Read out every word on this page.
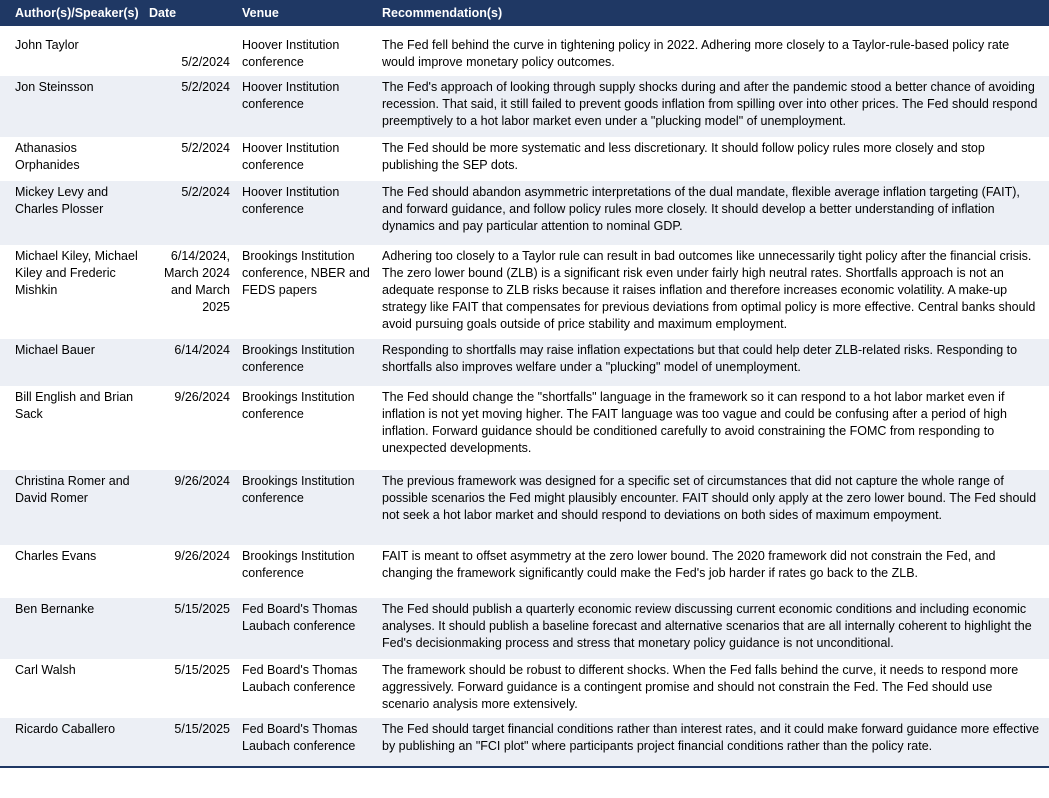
Author(s)/Speaker(s)	Date	Venue	Recommendation(s)
John Taylor	5/2/2024	Hoover Institution conference	The Fed fell behind the curve in tightening policy in 2022. Adhering more closely to a Taylor-rule-based policy rate would improve monetary policy outcomes.
Jon Steinsson	5/2/2024	Hoover Institution conference	The Fed's approach of looking through supply shocks during and after the pandemic stood a better chance of avoiding recession. That said, it still failed to prevent goods inflation from spilling over into other prices. The Fed should respond preemptively to a hot labor market even under a "plucking model" of unemployment.
Athanasios Orphanides	5/2/2024	Hoover Institution conference	The Fed should be more systematic and less discretionary. It should follow policy rules more closely and stop publishing the SEP dots.
Mickey Levy and Charles Plosser	5/2/2024	Hoover Institution conference	The Fed should abandon asymmetric interpretations of the dual mandate, flexible average inflation targeting (FAIT), and forward guidance, and follow policy rules more closely. It should develop a better understanding of inflation dynamics and pay particular attention to nominal GDP.
Michael Kiley, Michael Kiley and Frederic Mishkin	6/14/2024, March 2024 and March 2025	Brookings Institution conference, NBER and FEDS papers	Adhering too closely to a Taylor rule can result in bad outcomes like unnecessarily tight policy after the financial crisis. The zero lower bound (ZLB) is a significant risk even under fairly high neutral rates. Shortfalls approach is not an adequate response to ZLB risks because it raises inflation and therefore increases economic volatility. A make-up strategy like FAIT that compensates for previous deviations from optimal policy is more effective. Central banks should avoid pursuing goals outside of price stability and maximum employment.
Michael Bauer	6/14/2024	Brookings Institution conference	Responding to shortfalls may raise inflation expectations but that could help deter ZLB-related risks. Responding to shortfalls also improves welfare under a "plucking" model of unemployment.
Bill English and Brian Sack	9/26/2024	Brookings Institution conference	The Fed should change the "shortfalls" language in the framework so it can respond to a hot labor market even if inflation is not yet moving higher. The FAIT language was too vague and could be confusing after a period of high inflation. Forward guidance should be conditioned carefully to avoid constraining the FOMC from responding to unexpected developments.
Christina Romer and David Romer	9/26/2024	Brookings Institution conference	The previous framework was designed for a specific set of circumstances that did not capture the whole range of possible scenarios the Fed might plausibly encounter. FAIT should only apply at the zero lower bound. The Fed should not seek a hot labor market and should respond to deviations on both sides of maximum empoyment.
Charles Evans	9/26/2024	Brookings Institution conference	FAIT is meant to offset asymmetry at the zero lower bound. The 2020 framework did not constrain the Fed, and changing the framework significantly could make the Fed's job harder if rates go back to the ZLB.
Ben Bernanke	5/15/2025	Fed Board's Thomas Laubach conference	The Fed should publish a quarterly economic review discussing current economic conditions and including economic analyses. It should publish a baseline forecast and alternative scenarios that are all internally coherent to highlight the Fed's decisionmaking process and stress that monetary policy guidance is not unconditional.
Carl Walsh	5/15/2025	Fed Board's Thomas Laubach conference	The framework should be robust to different shocks. When the Fed falls behind the curve, it needs to respond more aggressively. Forward guidance is a contingent promise and should not constrain the Fed. The Fed should use scenario analysis more extensively.
Ricardo Caballero	5/15/2025	Fed Board's Thomas Laubach conference	The Fed should target financial conditions rather than interest rates, and it could make forward guidance more effective by publishing an "FCI plot" where participants project financial conditions rather than the policy rate.
